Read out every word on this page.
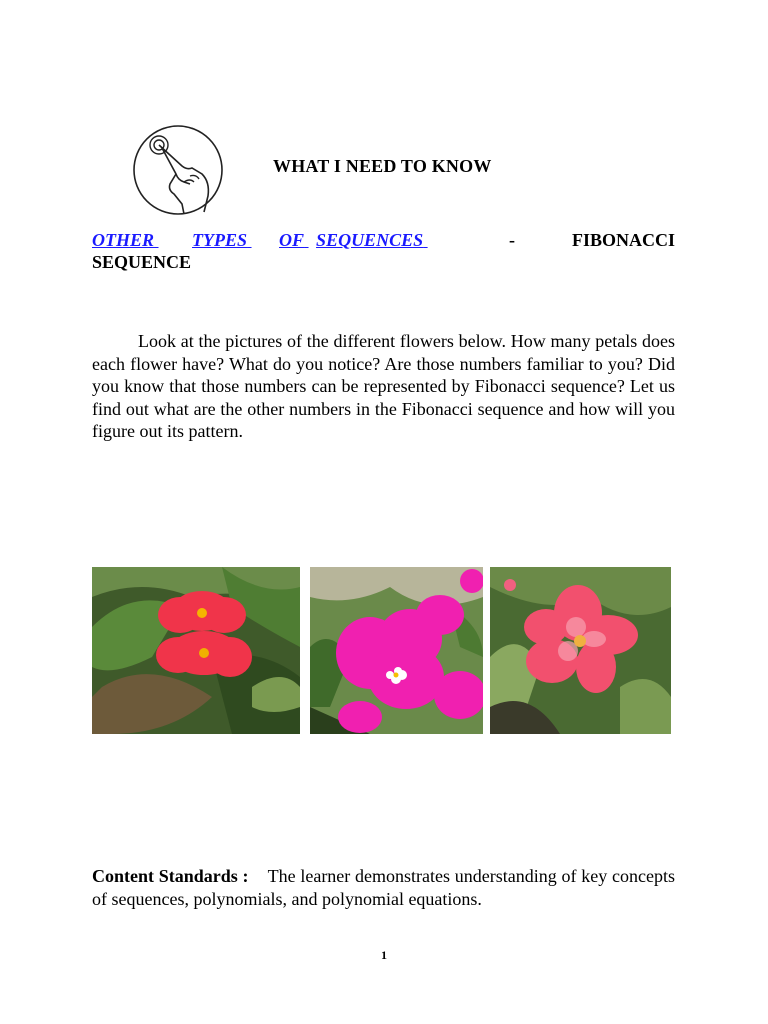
WHAT I NEED TO KNOW
OTHER TYPES OF SEQUENCES	-	FIBONACCI
SEQUENCE
Look at the pictures of the different flowers below. How many petals does each flower have? What do you notice? Are those numbers familiar to you? Did you know that those numbers can be represented by Fibonacci sequence? Let us find out what are the other numbers in the Fibonacci sequence and how will you figure out its pattern.
Content Standards : The learner demonstrates understanding of key concepts of sequences, polynomials, and polynomial equations.
1
